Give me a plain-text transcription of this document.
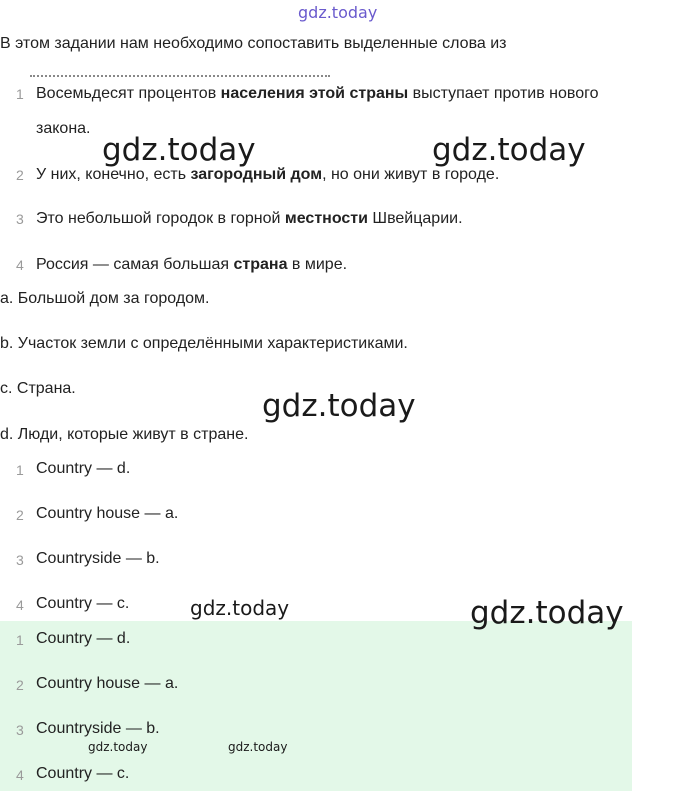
gdz.today
В этом задании нам необходимо сопоставить выделенные слова из
1 Восемьдесят процентов населения этой страны выступает против нового
закона.
2 У них, конечно, есть загородный дом, но они живут в городе.
3 Это небольшой городок в горной местности Швейцарии.
4 Россия — самая большая страна в мире.
a. Большой дом за городом.
b. Участок земли с определёнными характеристиками.
c. Страна.
d. Люди, которые живут в стране.
1 Country — d.
2 Country house — a.
3 Countryside — b.
4 Country — c.
1 Country — d.
2 Country house — a.
3 Countryside — b.
4 Country — c.
gdz.today	gdz.today
gdz.today
gdz.today	gdz.today
gdz.today	gdz.today
